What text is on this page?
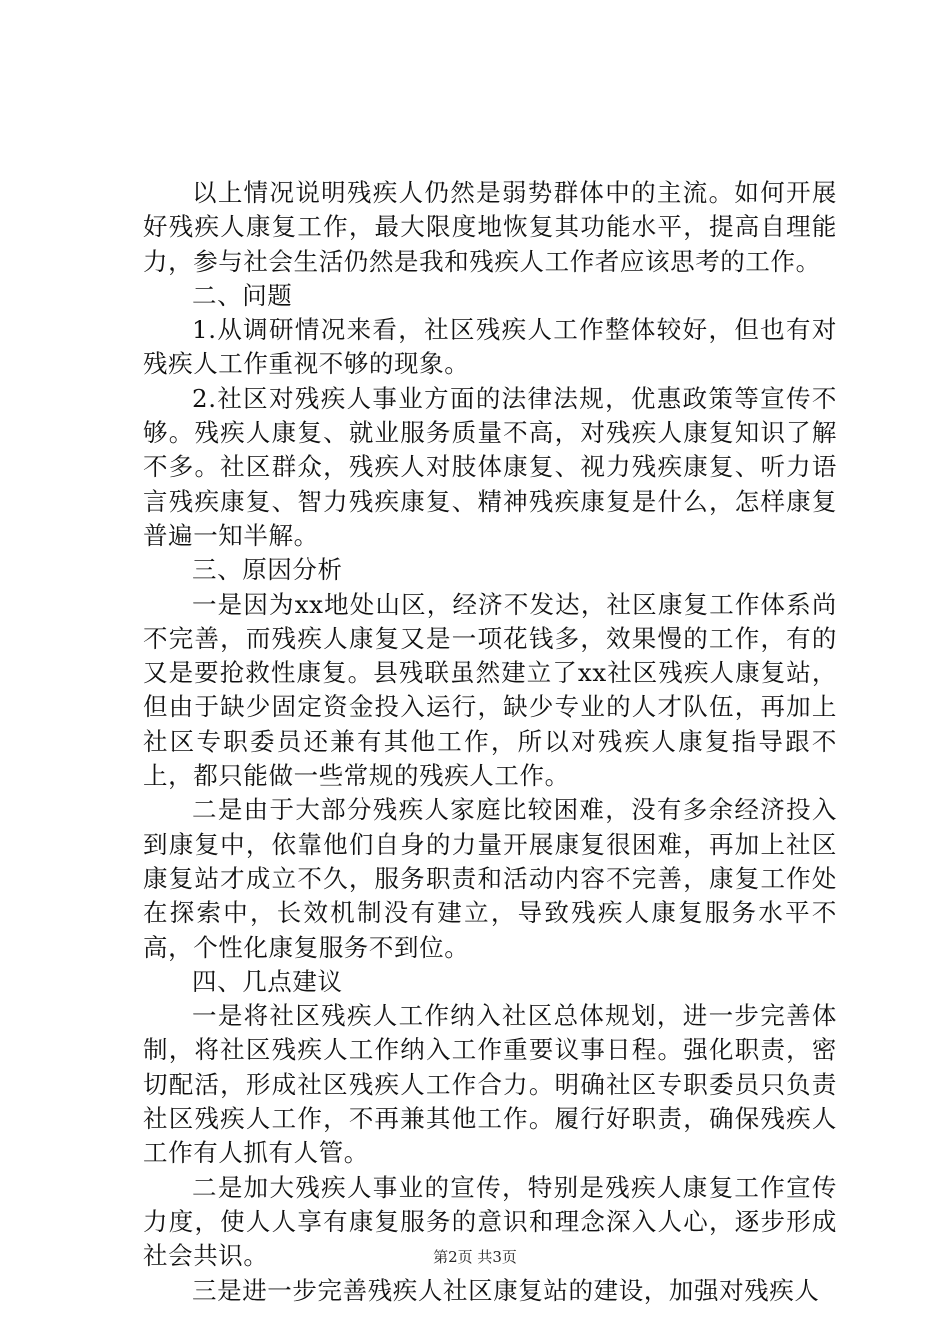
以上情况说明残疾人仍然是弱势群体中的主流。如何开展好残疾人康复工作，最大限度地恢复其功能水平，提高自理能力，参与社会生活仍然是我和残疾人工作者应该思考的工作。

二、问题

1.从调研情况来看，社区残疾人工作整体较好，但也有对残疾人工作重视不够的现象。

2.社区对残疾人事业方面的法律法规，优惠政策等宣传不够。残疾人康复、就业服务质量不高，对残疾人康复知识了解不多。社区群众，残疾人对肢体康复、视力残疾康复、听力语言残疾康复、智力残疾康复、精神残疾康复是什么，怎样康复普遍一知半解。

三、原因分析

一是因为xx地处山区，经济不发达，社区康复工作体系尚不完善，而残疾人康复又是一项花钱多，效果慢的工作，有的又是要抢救性康复。县残联虽然建立了xx社区残疾人康复站，但由于缺少固定资金投入运行，缺少专业的人才队伍，再加上社区专职委员还兼有其他工作，所以对残疾人康复指导跟不上，都只能做一些常规的残疾人工作。

二是由于大部分残疾人家庭比较困难，没有多余经济投入到康复中，依靠他们自身的力量开展康复很困难，再加上社区康复站才成立不久，服务职责和活动内容不完善，康复工作处在探索中，长效机制没有建立，导致残疾人康复服务水平不高，个性化康复服务不到位。

四、几点建议

一是将社区残疾人工作纳入社区总体规划，进一步完善体制，将社区残疾人工作纳入工作重要议事日程。强化职责，密切配活，形成社区残疾人工作合力。明确社区专职委员只负责社区残疾人工作，不再兼其他工作。履行好职责，确保残疾人工作有人抓有人管。

二是加大残疾人事业的宣传，特别是残疾人康复工作宣传力度，使人人享有康复服务的意识和理念深入人心，逐步形成社会共识。

三是进一步完善残疾人社区康复站的建设，加强对残疾人

第2页 共3页
